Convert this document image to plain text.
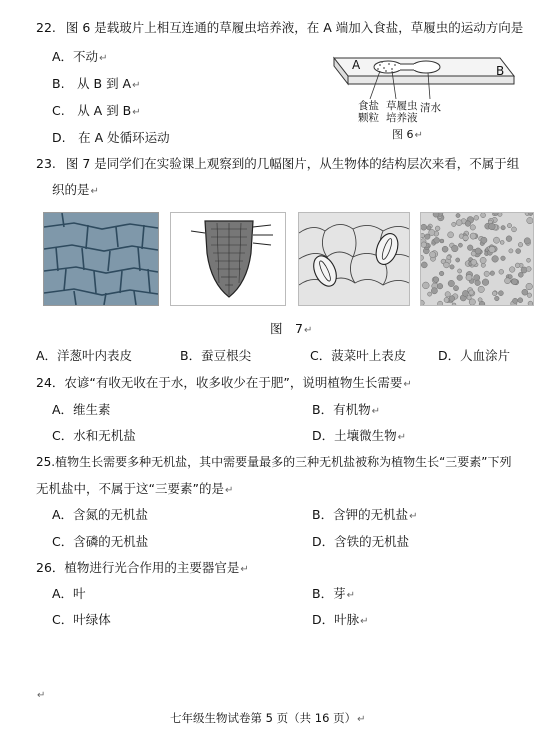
22. 图 6 是载玻片上相互连通的草履虫培养液，在 A 端加入食盐，草履虫的运动方向是
A．不动↵
B.　从 B 到 A↵
C.　从 A 到 B↵
D.　在 A 处循环运动
A	B
食盐
颗粒
草履虫
培养液
清水
图 6↵
23. 图 7 是同学们在实验课上观察到的几幅图片，从生物体的结构层次来看，不属于组
织的是↵
图　7↵
A．洋葱叶内表皮	B．蚕豆根尖	C．菠菜叶上表皮	D．人血涂片
24．农谚“有收无收在于水，收多收少在于肥”，说明植物生长需要↵
A．维生素	B．有机物↵
C．水和无机盐	D．土壤微生物↵
25.植物生长需要多种无机盐，其中需要量最多的三种无机盐被称为植物生长“三要素”下列
无机盐中，不属于这“三要素”的是↵
A．含氮的无机盐	B．含钾的无机盐↵
C．含磷的无机盐	D．含铁的无机盐
26．植物进行光合作用的主要器官是↵
A．叶	B．芽↵
C．叶绿体	D．叶脉↵
↵
七年级生物试卷第 5 页（共 16 页）↵
